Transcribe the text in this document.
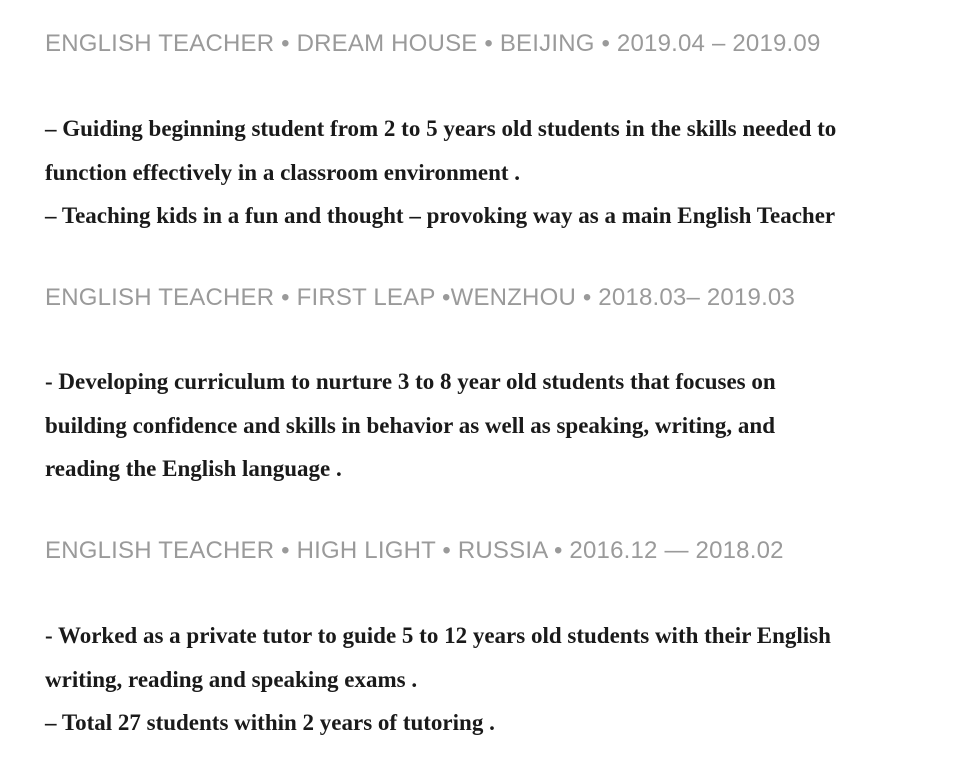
ENGLISH TEACHER • DREAM HOUSE • BEIJING • 2019.04 – 2019.09
– Guiding beginning student from 2 to 5 years old students in the skills needed to
function effectively in a classroom environment .
– Teaching kids in a fun and thought – provoking way as a main English Teacher
ENGLISH TEACHER • FIRST LEAP •WENZHOU • 2018.03– 2019.03
- Developing curriculum to nurture 3 to 8 year old students that focuses on
building confidence and skills in behavior as well as speaking, writing, and
reading the English language .
ENGLISH TEACHER • HIGH LIGHT • RUSSIA • 2016.12 — 2018.02
- Worked as a private tutor to guide 5 to 12 years old students with their English
writing, reading and speaking exams .
– Total 27 students within 2 years of tutoring .
